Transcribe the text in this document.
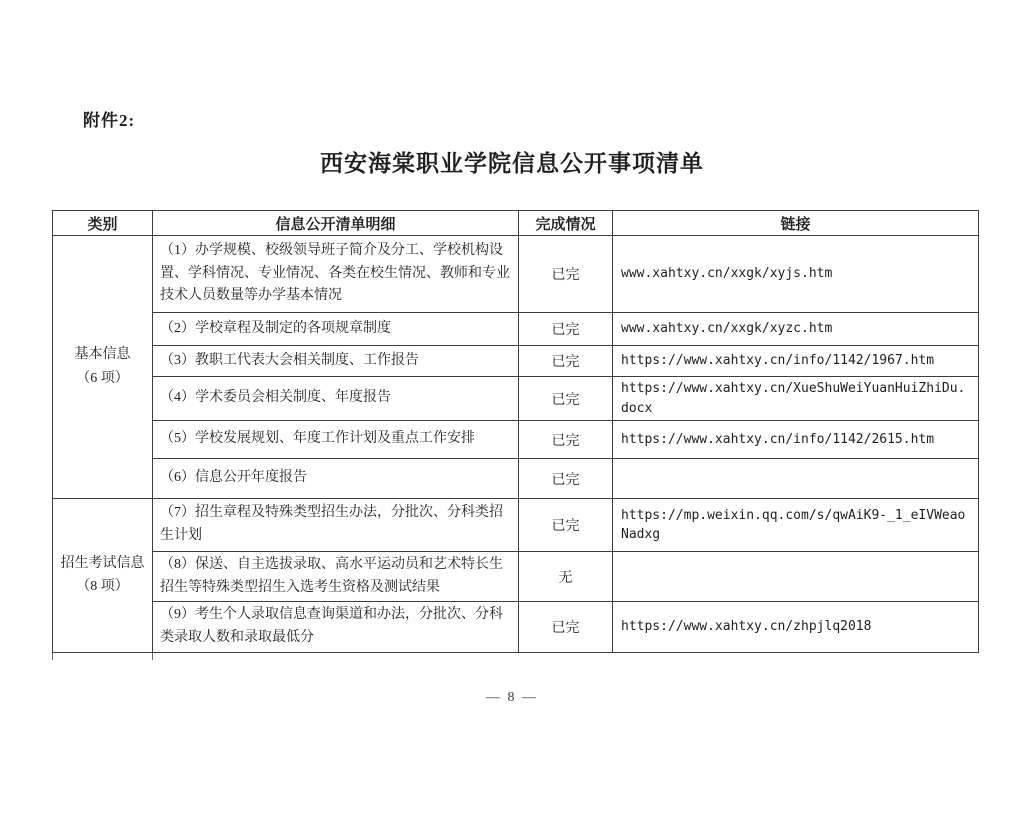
附件2:
西安海棠职业学院信息公开事项清单
类别	信息公开清单明细	完成情况	链接
基本信息
（6 项）	（1）办学规模、校级领导班子简介及分工、学校机构设置、学科情况、专业情况、各类在校生情况、教师和专业技术人员数量等办学基本情况	已完	www.xahtxy.cn/xxgk/xyjs.htm
	（2）学校章程及制定的各项规章制度	已完	www.xahtxy.cn/xxgk/xyzc.htm
	（3）教职工代表大会相关制度、工作报告	已完	https://www.xahtxy.cn/info/1142/1967.htm
	（4）学术委员会相关制度、年度报告	已完	https://www.xahtxy.cn/XueShuWeiYuanHuiZhiDu.docx
	（5）学校发展规划、年度工作计划及重点工作安排	已完	https://www.xahtxy.cn/info/1142/2615.htm
	（6）信息公开年度报告	已完	
招生考试信息
（8 项）	（7）招生章程及特殊类型招生办法，分批次、分科类招生计划	已完	https://mp.weixin.qq.com/s/qwAiK9-_1_eIVWeaoNadxg
	（8）保送、自主选拔录取、高水平运动员和艺术特长生招生等特殊类型招生入选考生资格及测试结果	无	
	（9）考生个人录取信息查询渠道和办法，分批次、分科类录取人数和录取最低分	已完	https://www.xahtxy.cn/zhpjlq2018
— 8 —
